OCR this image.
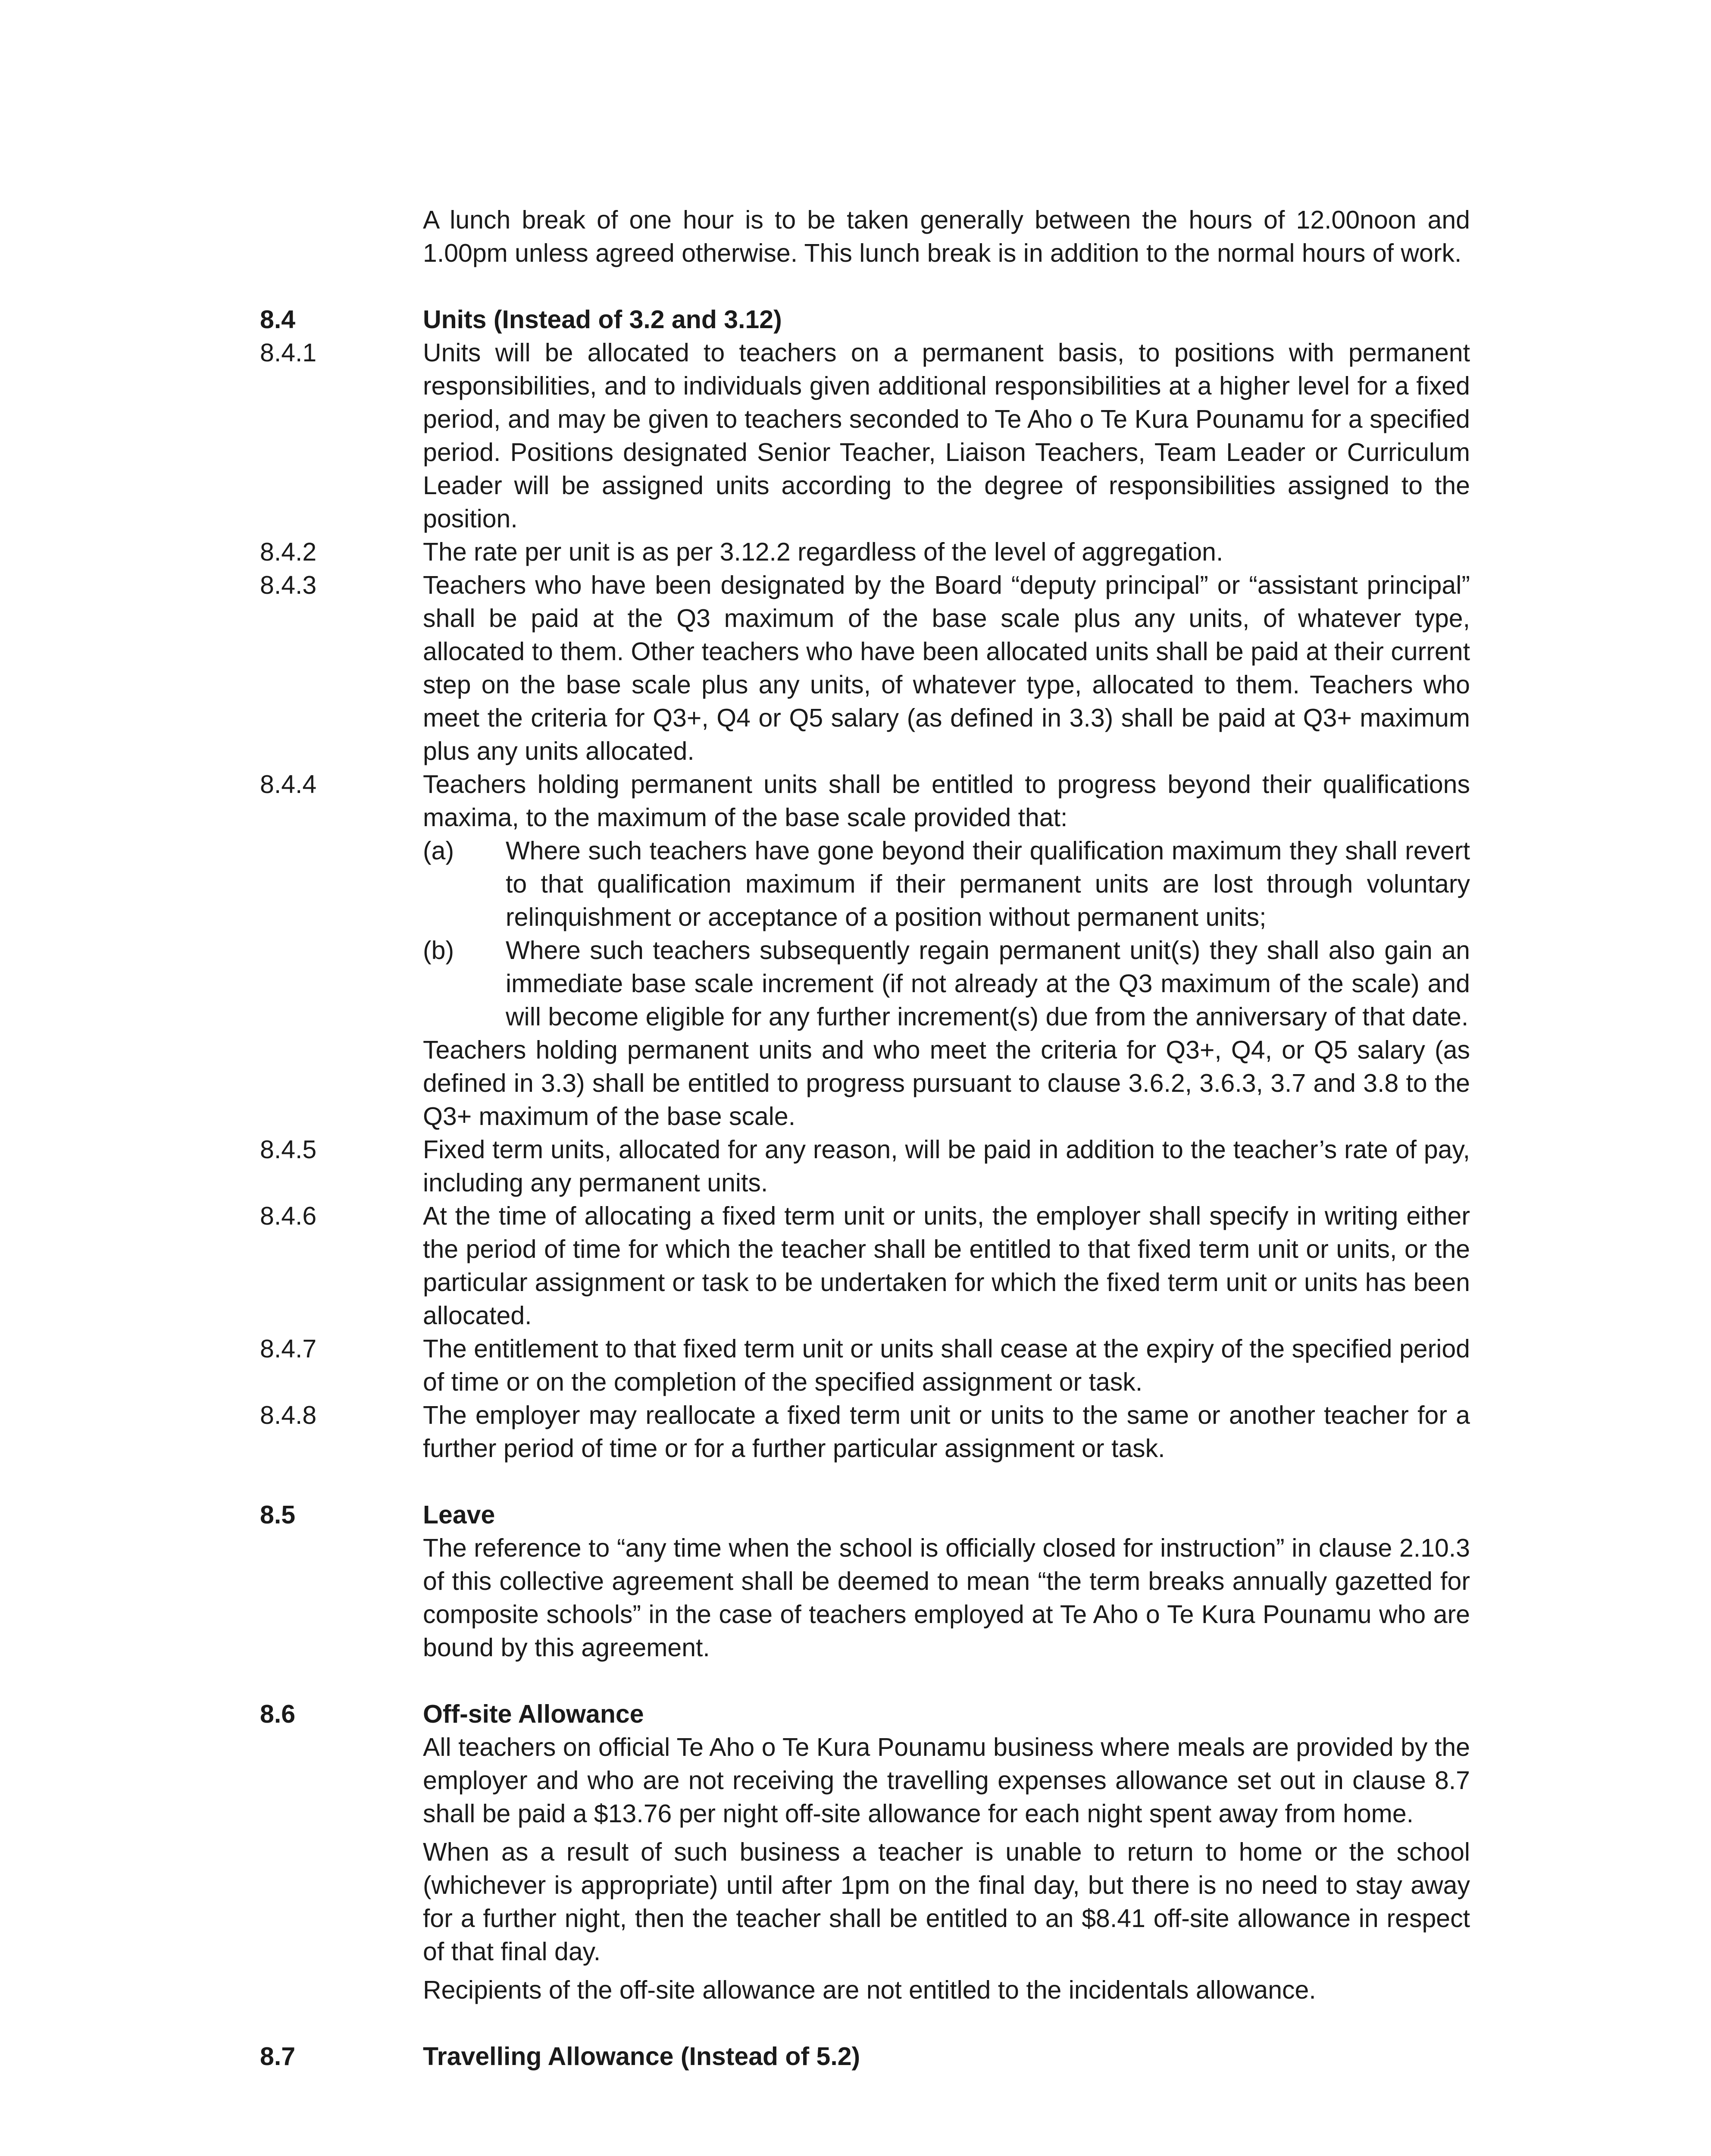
A lunch break of one hour is to be taken generally between the hours of 12.00noon and 1.00pm unless agreed otherwise. This lunch break is in addition to the normal hours of work.

8.4	Units (Instead of 3.2 and 3.12)
8.4.1	Units will be allocated to teachers on a permanent basis, to positions with permanent responsibilities, and to individuals given additional responsibilities at a higher level for a fixed period, and may be given to teachers seconded to Te Aho o Te Kura Pounamu for a specified period. Positions designated Senior Teacher, Liaison Teachers, Team Leader or Curriculum Leader will be assigned units according to the degree of responsibilities assigned to the position.
8.4.2	The rate per unit is as per 3.12.2 regardless of the level of aggregation.
8.4.3	Teachers who have been designated by the Board “deputy principal” or “assistant principal” shall be paid at the Q3 maximum of the base scale plus any units, of whatever type, allocated to them. Other teachers who have been allocated units shall be paid at their current step on the base scale plus any units, of whatever type, allocated to them. Teachers who meet the criteria for Q3+, Q4 or Q5 salary (as defined in 3.3) shall be paid at Q3+ maximum plus any units allocated.
8.4.4	Teachers holding permanent units shall be entitled to progress beyond their qualifications maxima, to the maximum of the base scale provided that:
(a)	Where such teachers have gone beyond their qualification maximum they shall revert to that qualification maximum if their permanent units are lost through voluntary relinquishment or acceptance of a position without permanent units;
(b)	Where such teachers subsequently regain permanent unit(s) they shall also gain an immediate base scale increment (if not already at the Q3 maximum of the scale) and will become eligible for any further increment(s) due from the anniversary of that date.
Teachers holding permanent units and who meet the criteria for Q3+, Q4, or Q5 salary (as defined in 3.3) shall be entitled to progress pursuant to clause 3.6.2, 3.6.3, 3.7 and 3.8 to the Q3+ maximum of the base scale.
8.4.5	Fixed term units, allocated for any reason, will be paid in addition to the teacher’s rate of pay, including any permanent units.
8.4.6	At the time of allocating a fixed term unit or units, the employer shall specify in writing either the period of time for which the teacher shall be entitled to that fixed term unit or units, or the particular assignment or task to be undertaken for which the fixed term unit or units has been allocated.
8.4.7	The entitlement to that fixed term unit or units shall cease at the expiry of the specified period of time or on the completion of the specified assignment or task.
8.4.8	The employer may reallocate a fixed term unit or units to the same or another teacher for a further period of time or for a further particular assignment or task.
8.5	Leave
The reference to “any time when the school is officially closed for instruction” in clause 2.10.3 of this collective agreement shall be deemed to mean “the term breaks annually gazetted for composite schools” in the case of teachers employed at Te Aho o Te Kura Pounamu who are bound by this agreement.
8.6	Off-site Allowance
All teachers on official Te Aho o Te Kura Pounamu business where meals are provided by the employer and who are not receiving the travelling expenses allowance set out in clause 8.7 shall be paid a $13.76 per night off-site allowance for each night spent away from home.
When as a result of such business a teacher is unable to return to home or the school (whichever is appropriate) until after 1pm on the final day, but there is no need to stay away for a further night, then the teacher shall be entitled to an $8.41 off-site allowance in respect of that final day.
Recipients of the off-site allowance are not entitled to the incidentals allowance.
8.7	Travelling Allowance (Instead of 5.2)
